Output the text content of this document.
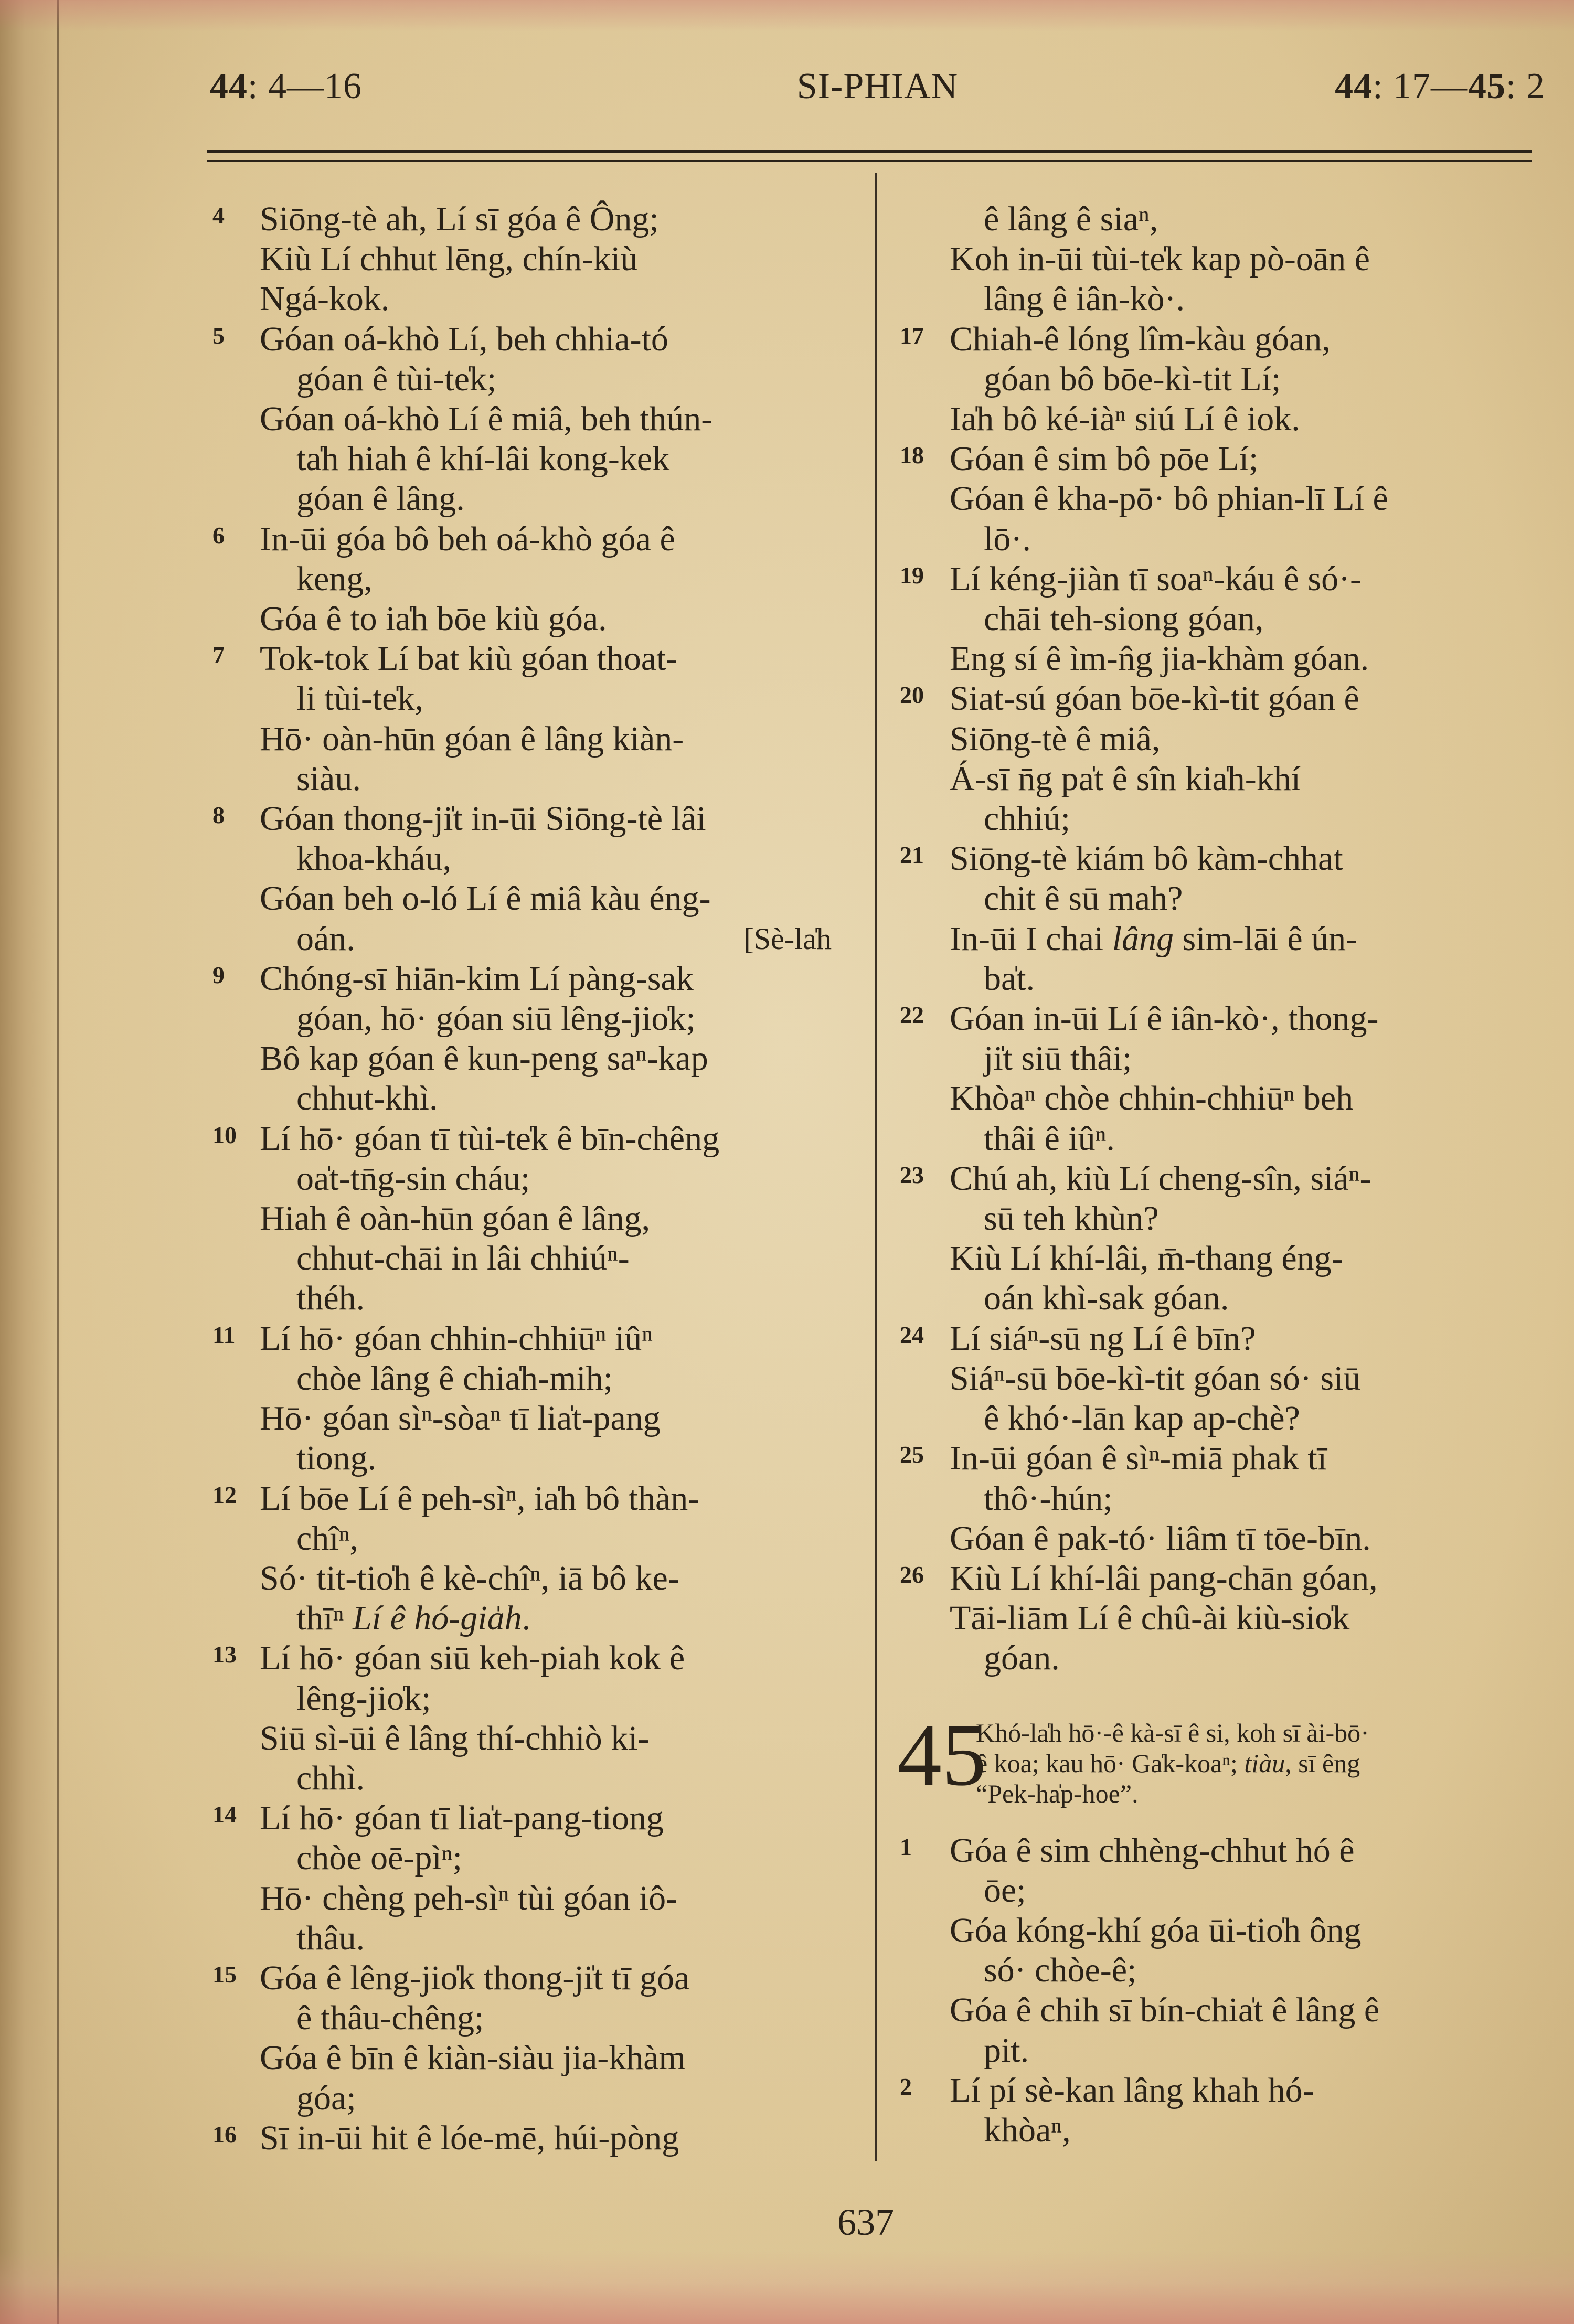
44: 4—16	SI-PHIAN	44: 17—45: 2
4	Siōng-tè ah, Lí sī góa ê Ông;
Kiù Lí chhut lēng, chín-kiù
Ngá-kok.
5	Góan oá-khò Lí, beh chhia-tó
góan ê tùi-te̍k;
Góan oá-khò Lí ê miâ, beh thún-
ta̍h hiah ê khí-lâi kong-kek
góan ê lâng.
6	In-ūi góa bô beh oá-khò góa ê
keng,
Góa ê to ia̍h bōe kiù góa.
7	Tok-tok Lí bat kiù góan thoat-
li tùi-te̍k,
Hō· oàn-hūn góan ê lâng kiàn-
siàu.
8	Góan thong-ji̍t in-ūi Siōng-tè lâi
khoa-kháu,
Góan beh o-ló Lí ê miâ kàu éng-
oán.	[Sè-la̍h
9	Chóng-sī hiān-kim Lí pàng-sak
góan, hō· góan siū lêng-jio̍k;
Bô kap góan ê kun-peng saⁿ-kap
chhut-khì.
10 Lí hō· góan tī tùi-te̍k ê bīn-chêng
oa̍t-tn̄g-sin cháu;
Hiah ê oàn-hūn góan ê lâng,
chhut-chāi in lâi chhiúⁿ-
théh.
11 Lí hō· góan chhin-chhiūⁿ iûⁿ
chòe lâng ê chia̍h-mih;
Hō· góan sìⁿ-sòaⁿ tī lia̍t-pang
tiong.
12 Lí bōe Lí ê peh-sìⁿ, ia̍h bô thàn-
chîⁿ,
Só· tit-tio̍h ê kè-chîⁿ, iā bô ke-
thīⁿ Lí ê hó-gia̍h.
13 Lí hō· góan siū keh-piah kok ê
lêng-jio̍k;
Siū sì-ūi ê lâng thí-chhiò ki-
chhì.
14 Lí hō· góan tī lia̍t-pang-tiong
chòe oē-pìⁿ;
Hō· chèng peh-sìⁿ tùi góan iô-
thâu.
15 Góa ê lêng-jio̍k thong-ji̍t tī góa
ê thâu-chêng;
Góa ê bīn ê kiàn-siàu jia-khàm
góa;
16 Sī in-ūi hit ê lóe-mē, húi-pòng
ê lâng ê siaⁿ,
Koh in-ūi tùi-te̍k kap pò-oān ê
lâng ê iân-kò·.
17 Chiah-ê lóng lîm-kàu góan,
góan bô bōe-kì-tit Lí;
Ia̍h bô ké-iàⁿ siú Lí ê iok.
18 Góan ê sim bô pōe Lí;
Góan ê kha-pō· bô phian-lī Lí ê
lō·.
19 Lí kéng-jiàn tī soaⁿ-káu ê só·-
chāi teh-siong góan,
Eng sí ê ìm-n̂g jia-khàm góan.
20 Siat-sú góan bōe-kì-tit góan ê
Siōng-tè ê miâ,
Á-sī n̄g pa̍t ê sîn kia̍h-khí
chhiú;
21 Siōng-tè kiám bô kàm-chhat
chit ê sū mah?
In-ūi I chai lâng sim-lāi ê ún-
ba̍t.
22 Góan in-ūi Lí ê iân-kò·, thong-
ji̍t siū thâi;
Khòaⁿ chòe chhin-chhiūⁿ beh
thâi ê iûⁿ.
23 Chú ah, kiù Lí cheng-sîn, siáⁿ-
sū teh khùn?
Kiù Lí khí-lâi, m̄-thang éng-
oán khì-sak góan.
24 Lí siáⁿ-sū ng Lí ê bīn?
Siáⁿ-sū bōe-kì-tit góan só· siū
ê khó·-lān kap ap-chè?
25 In-ūi góan ê sìⁿ-miā phak tī
thô·-hún;
Góan ê pak-tó· liâm tī tōe-bīn.
26 Kiù Lí khí-lâi pang-chān góan,
Tāi-liām Lí ê chû-ài kiù-sio̍k
góan.
45
Khó-la̍h hō·-ê kà-sī ê si, koh sī ài-bō·
ê koa; kau hō· Ga̍k-koaⁿ; tiàu, sī êng
“Pek-ha̍p-hoe”.
1	Góa ê sim chhèng-chhut hó ê
ōe;
Góa kóng-khí góa ūi-tio̍h ông
só· chòe-ê;
Góa ê chih sī bín-chia̍t ê lâng ê
pit.
2	Lí pí sè-kan lâng khah hó-
khòaⁿ,
637
